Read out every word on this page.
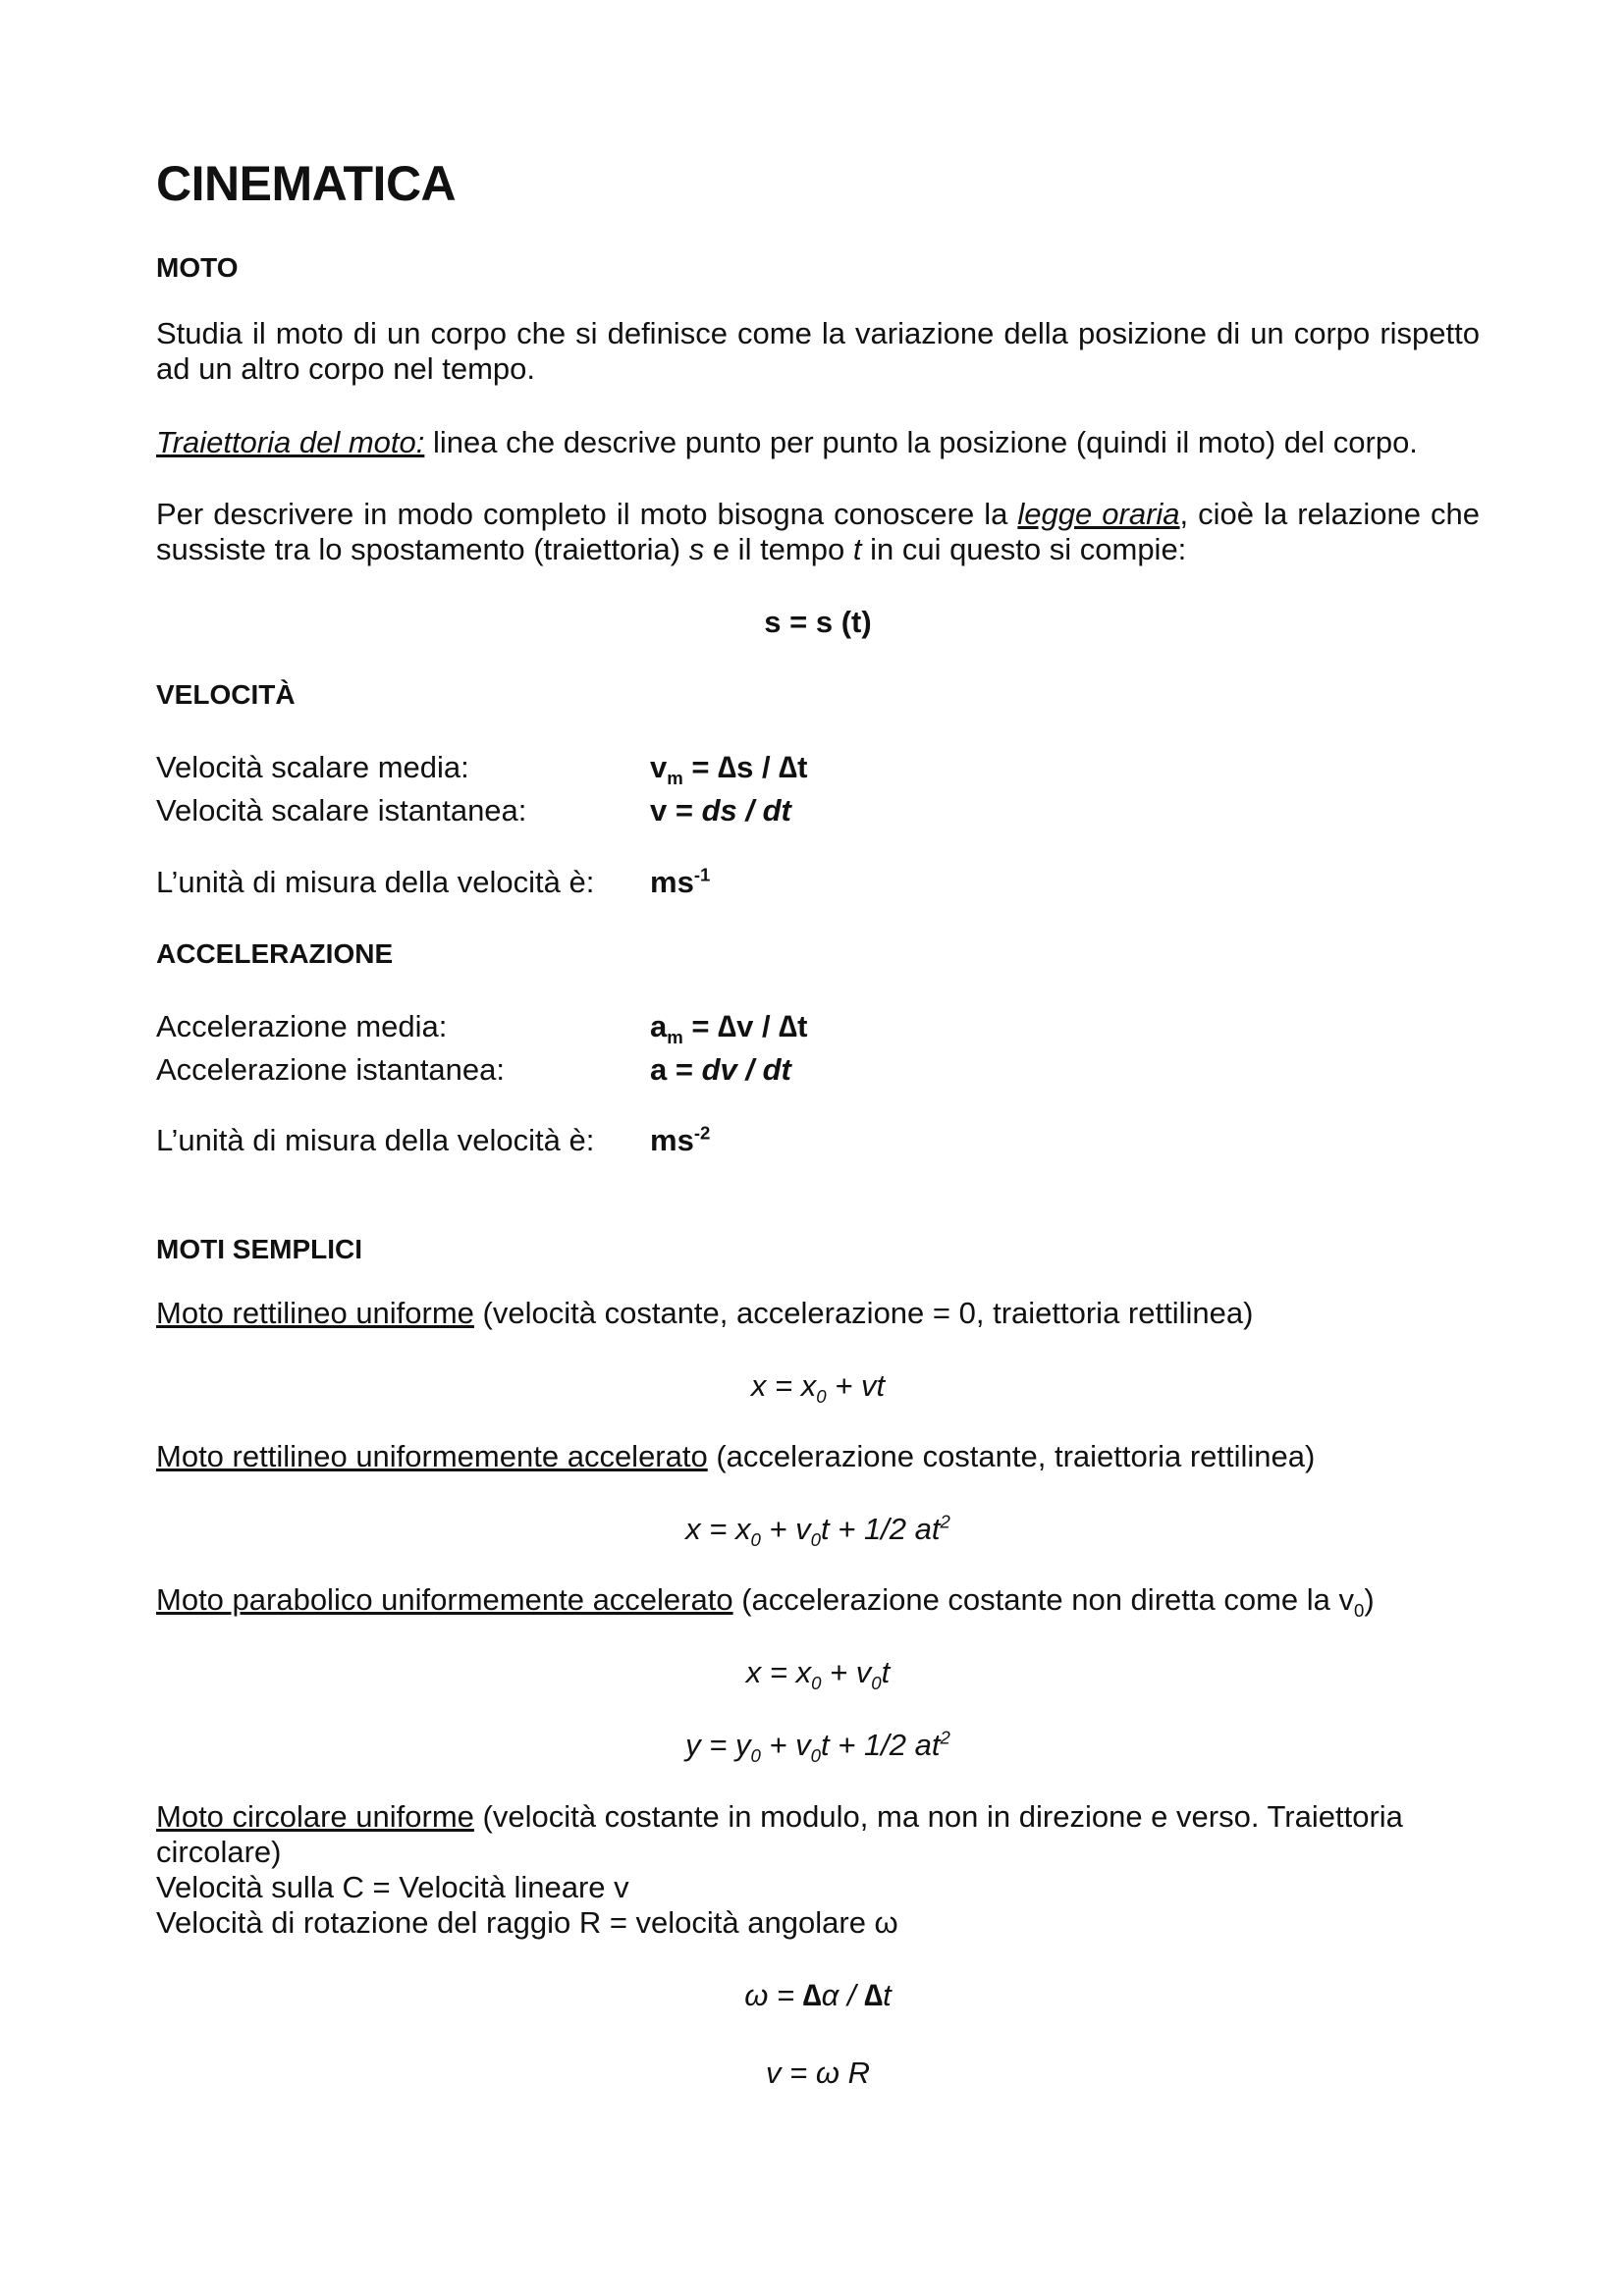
CINEMATICA
MOTO
Studia il moto di un corpo che si definisce come la variazione della posizione di un corpo rispetto ad un altro corpo nel tempo.
Traiettoria del moto: linea che descrive punto per punto la posizione (quindi il moto) del corpo.
Per descrivere in modo completo il moto bisogna conoscere la legge oraria, cioè la relazione che sussiste tra lo spostamento (traiettoria) s e il tempo t in cui questo si compie:
s = s (t)
VELOCITÀ
Velocità scalare media:	$v_m = \Delta s / \Delta t$
Velocità scalare istantanea:	v = ds / dt
L’unità di misura della velocità è: $ms^{-1}$
ACCELERAZIONE
Accelerazione media:	$a_m = \Delta v / \Delta t$
Accelerazione istantanea:	a = dv / dt
L’unità di misura della velocità è: $ms^{-2}$
MOTI SEMPLICI
Moto rettilineo uniforme (velocità costante, accelerazione = 0, traiettoria rettilinea)
$x = x_0$ + vt
Moto rettilineo uniformemente accelerato (accelerazione costante, traiettoria rettilinea)
$x = x_0 + v_0t + 1/2$ $at^2$
Moto parabolico uniformemente accelerato (accelerazione costante non diretta come la $v_0$)
$x = x_0 + v_0t$
$y = y_0 + v_0t + 1/2$ $at^2$
Moto circolare uniforme (velocità costante in modulo, ma non in direzione e verso. Traiettoria circolare)
Velocità sulla C = Velocità lineare v
Velocità di rotazione del raggio R = velocità angolare ω
ω = ∆α / ∆t
v = ω R
